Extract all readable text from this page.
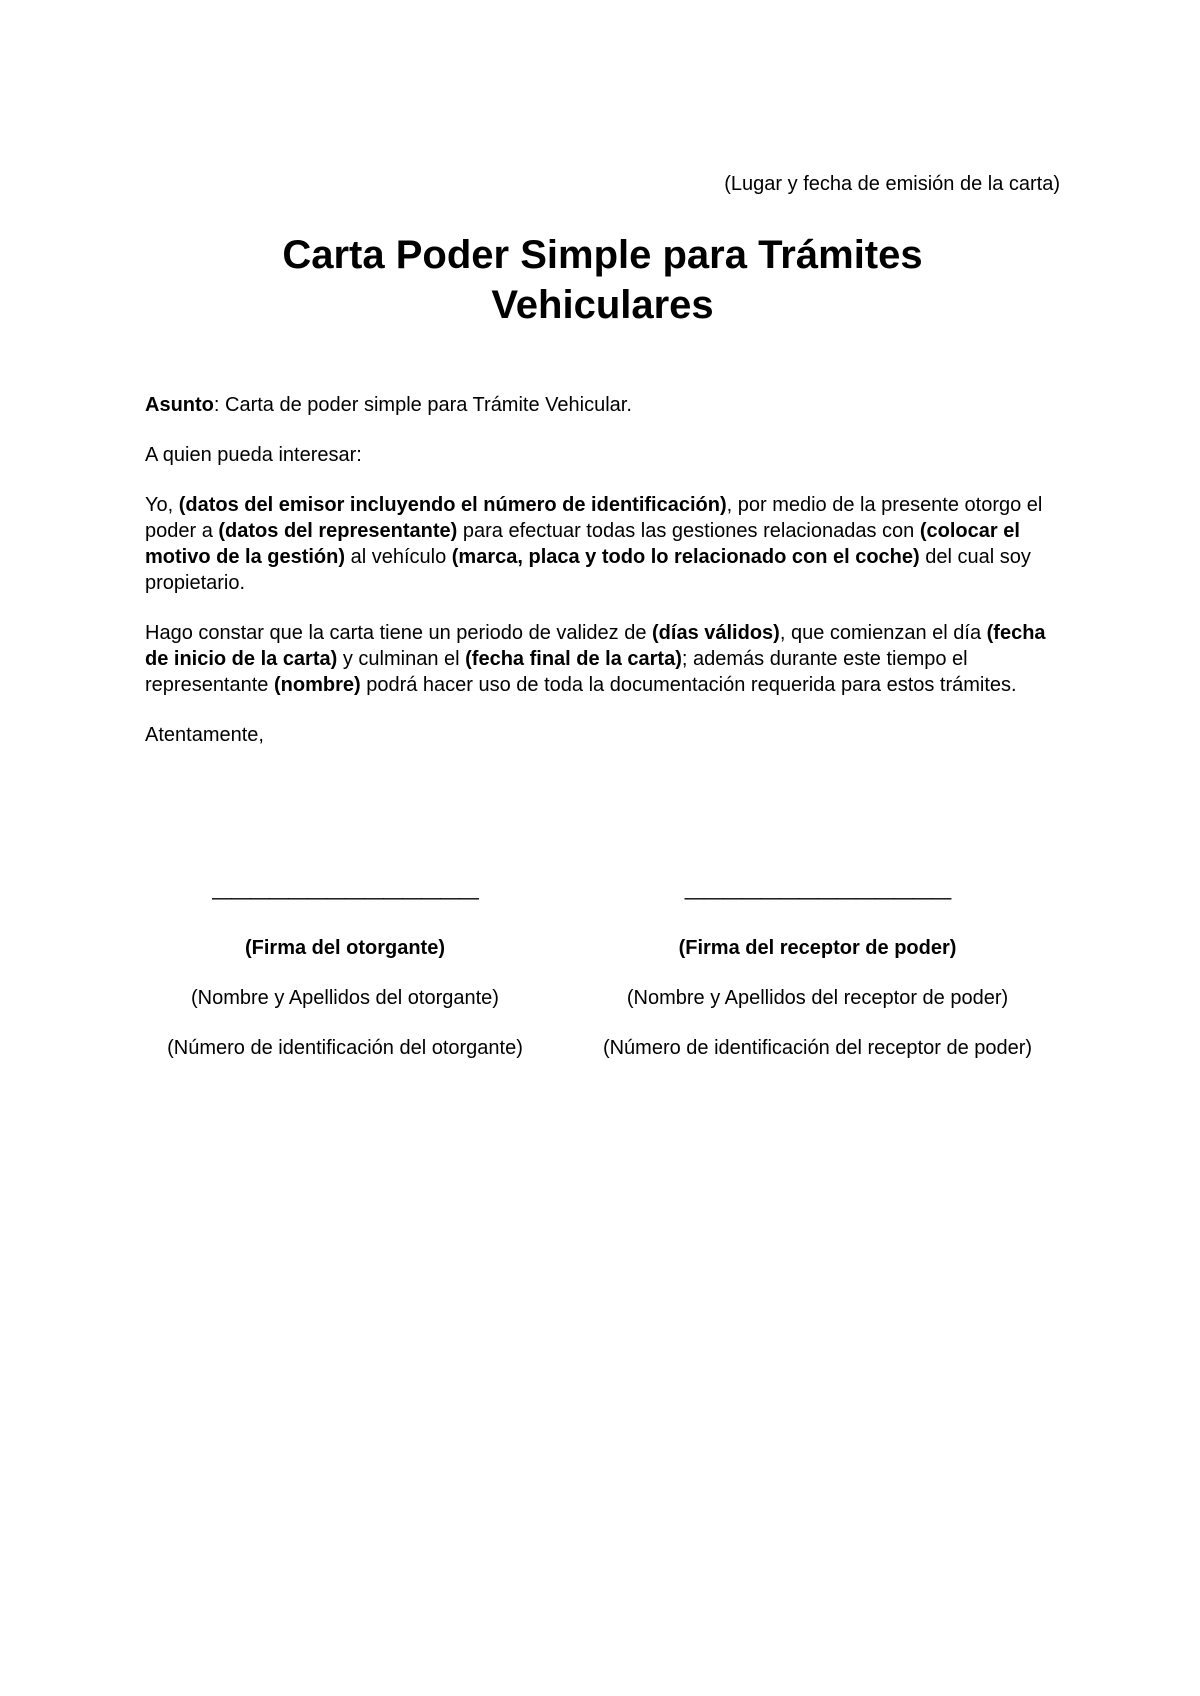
(Lugar y fecha de emisión de la carta)
Carta Poder Simple para Trámites
Vehiculares

Asunto: Carta de poder simple para Trámite Vehicular.

A quien pueda interesar:

Yo, (datos del emisor incluyendo el número de identificación), por medio de la presente otorgo el poder a (datos del representante) para efectuar todas las gestiones relacionadas con (colocar el motivo de la gestión) al vehículo (marca, placa y todo lo relacionado con el coche) del cual soy propietario.

Hago constar que la carta tiene un periodo de validez de (días válidos), que comienzan el día (fecha de inicio de la carta) y culminan el (fecha final de la carta); además durante este tiempo el representante (nombre) podrá hacer uso de toda la documentación requerida para estos trámites.

Atentamente,

——————————————
(Firma del otorgante)
(Nombre y Apellidos del otorgante)
(Número de identificación del otorgante)
——————————————
(Firma del receptor de poder)
(Nombre y Apellidos del receptor de poder)
(Número de identificación del receptor de poder)
